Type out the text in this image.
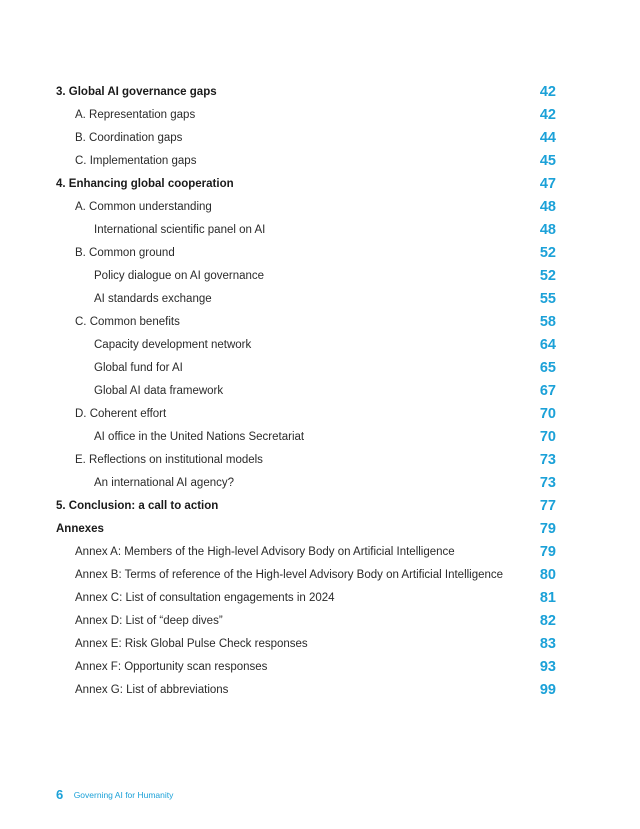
3. Global AI governance gaps	42
A. Representation gaps	42
B. Coordination gaps	44
C. Implementation gaps	45
4. Enhancing global cooperation	47
A. Common understanding	48
International scientific panel on AI	48
B. Common ground	52
Policy dialogue on AI governance	52
AI standards exchange	55
C. Common benefits	58
Capacity development network	64
Global fund for AI	65
Global AI data framework	67
D. Coherent effort	70
AI office in the United Nations Secretariat	70
E. Reflections on institutional models	73
An international AI agency?	73
5. Conclusion: a call to action	77
Annexes	79
Annex A: Members of the High-level Advisory Body on Artificial Intelligence	79
Annex B: Terms of reference of the High-level Advisory Body on Artificial Intelligence	80
Annex C: List of consultation engagements in 2024	81
Annex D: List of “deep dives”	82
Annex E: Risk Global Pulse Check responses	83
Annex F: Opportunity scan responses	93
Annex G: List of abbreviations	99
6 Governing AI for Humanity
